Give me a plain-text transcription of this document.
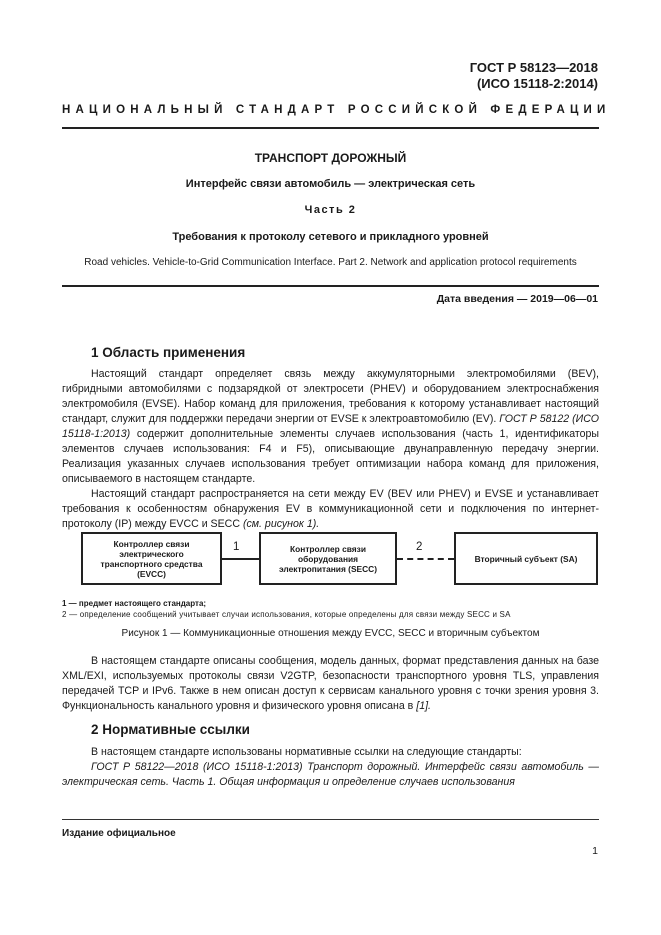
ГОСТ Р 58123—2018
(ИСО 15118-2:2014)
НАЦИОНАЛЬНЫЙ СТАНДАРТ РОССИЙСКОЙ ФЕДЕРАЦИИ
ТРАНСПОРТ ДОРОЖНЫЙ
Интерфейс связи автомобиль — электрическая сеть
Часть 2
Требования к протоколу сетевого и прикладного уровней
Road vehicles. Vehicle-to-Grid Communication Interface. Part 2. Network and application protocol requirements
Дата введения — 2019—06—01
1 Область применения

Настоящий стандарт определяет связь между аккумуляторными электромобилями (BEV), гибридными автомобилями с подзарядкой от электросети (PHEV) и оборудованием электроснабжения электромобиля (EVSE). Набор команд для приложения, требования к которому устанавливает настоящий стандарт, служит для поддержки передачи энергии от EVSE к электроавтомобилю (EV). ГОСТ Р 58122 (ИСО 15118-1:2013) содержит дополнительные элементы случаев использования (часть 1, идентификаторы элементов случаев использования: F4 и F5), описывающие двунаправленную передачу энергии. Реализация указанных случаев использования требует оптимизации набора команд для приложения, описываемого в настоящем стандарте.

Настоящий стандарт распространяется на сети между EV (BEV или PHEV) и EVSE и устанавливает требования к особенностям обнаружения EV в коммуникационной сети и подключения по интернет-протоколу (IP) между EVCC и SECC (см. рисунок 1).

Контроллер связи электрического транспортного средства (EVCC)
1	Контроллер связи оборудования электропитания (SECC)
2
Вторичный субъект (SA)
1 — предмет настоящего стандарта;
2 — определение сообщений учитывает случаи использования, которые определены для связи между SECC и SA
Рисунок 1 — Коммуникационные отношения между EVCC, SECC и вторичным субъектом

В настоящем стандарте описаны сообщения, модель данных, формат представления данных на базе XML/EXI, используемых протоколы связи V2GTP, безопасности транспортного уровня TLS, управления передачей TCP и IPv6. Также в нем описан доступ к сервисам канального уровня с точки зрения уровня 3. Функциональность канального уровня и физического уровня описана в [1].

2 Нормативные ссылки

В настоящем стандарте использованы нормативные ссылки на следующие стандарты:

ГОСТ Р 58122—2018 (ИСО 15118-1:2013) Транспорт дорожный. Интерфейс связи автомобиль — электрическая сеть. Часть 1. Общая информация и определение случаев использования

Издание официальное
1
